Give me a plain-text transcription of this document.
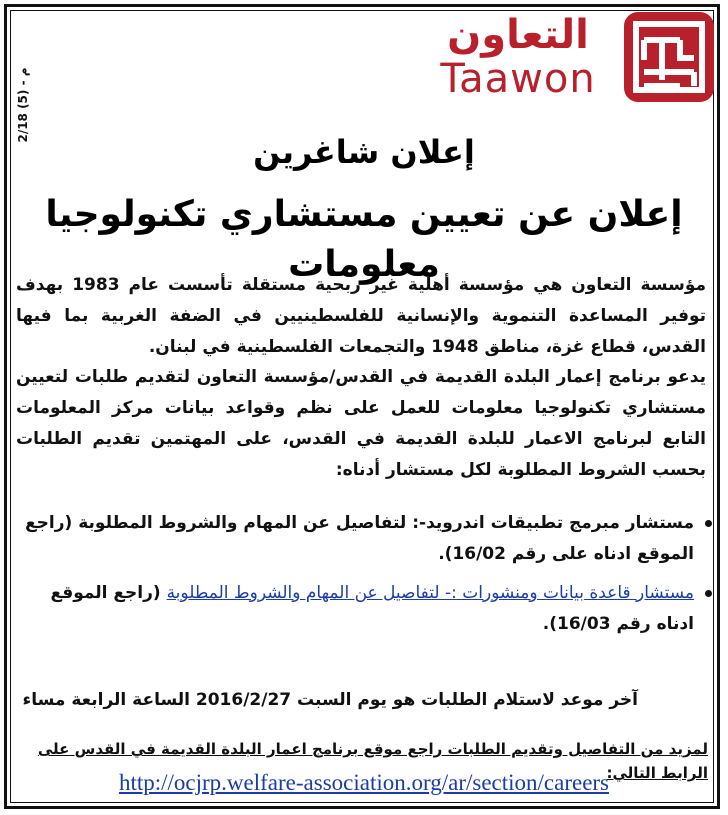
التعاون
Taawon
2/18 (5) - م
إعلان شاغرين
إعلان عن تعيين مستشاري تكنولوجيا معلومات
مؤسسة التعاون هي مؤسسة أهلية غير ربحية مستقلة تأسست عام 1983 بهدف توفير المساعدة التنموية والإنسانية للفلسطينيين في الضفة الغربية بما فيها القدس، قطاع غزة، مناطق 1948 والتجمعات الفلسطينية في لبنان.
يدعو برنامج إعمار البلدة القديمة في القدس/مؤسسة التعاون لتقديم طلبات لتعيين مستشاري تكنولوجيا معلومات للعمل على نظم وقواعد بيانات مركز المعلومات التابع لبرنامج الاعمار للبلدة القديمة في القدس، على المهتمين تقديم الطلبات بحسب الشروط المطلوبة لكل مستشار أدناه:
مستشار مبرمج تطبيقات اندرويد-: لتفاصيل عن المهام والشروط المطلوبة (راجع الموقع ادناه على رقم 16/02).
مستشار قاعدة بيانات ومنشورات :- لتفاصيل عن المهام والشروط المطلوبة (راجع الموقع ادناه رقم 16/03).
آخر موعد لاستلام الطلبات هو يوم السبت 2016/2/27 الساعة الرابعة مساء
لمزيد من التفاصيل وتقديم الطلبات راجع موقع برنامج اعمار البلدة القديمة في القدس على الرابط التالي:
http://ocjrp.welfare-association.org/ar/section/careers
